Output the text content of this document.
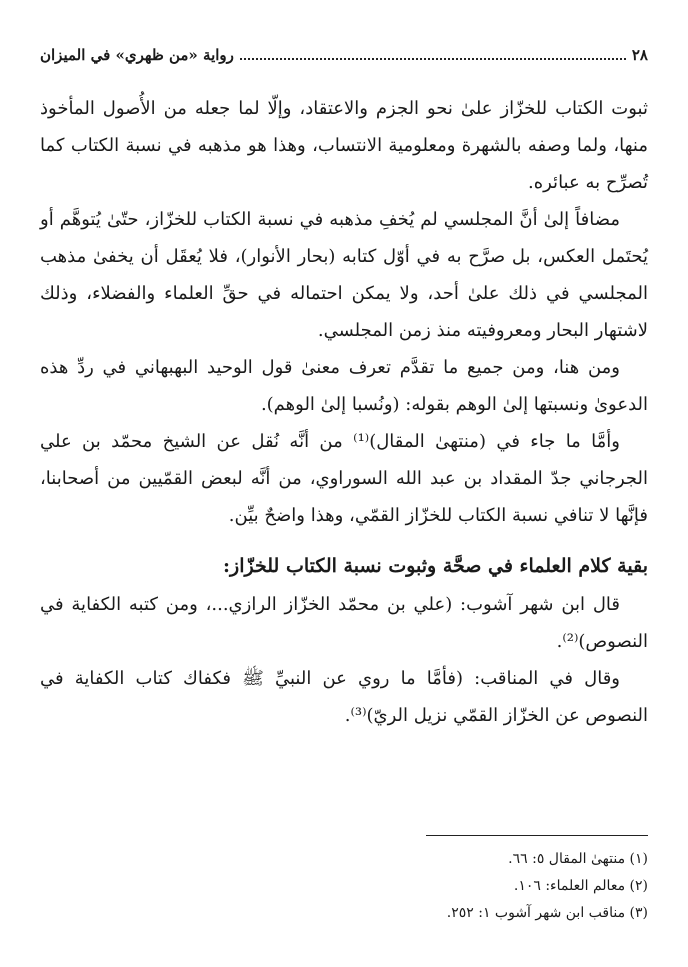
٢٨
رواية «من ظهري» في الميزان

ثبوت الكتاب للخزّاز علىٰ نحو الجزم والاعتقاد، وإلّا لما جعله من الأُصول المأخوذ منها، ولما وصفه بالشهرة ومعلومية الانتساب، وهذا هو مذهبه في نسبة الكتاب كما تُصرِّح به عبائره.

مضافاً إلىٰ أنَّ المجلسي لم يُخفِ مذهبه في نسبة الكتاب للخزّاز، حتّىٰ يُتوهَّم أو يُحتَمل العكس، بل صرَّح به في أوّل كتابه (بحار الأنوار)، فلا يُعقَل أن يخفىٰ مذهب المجلسي في ذلك علىٰ أحد، ولا يمكن احتماله في حقِّ العلماء والفضلاء، وذلك لاشتهار البحار ومعروفيته منذ زمن المجلسي.

ومن هنا، ومن جميع ما تقدَّم تعرف معنىٰ قول الوحيد البهبهاني في ردِّ هذه الدعوىٰ ونسبتها إلىٰ الوهم بقوله: (ونُسبا إلىٰ الوهم).

وأمَّا ما جاء في (منتهىٰ المقال)⁽¹⁾ من أنَّه نُقل عن الشيخ محمّد بن علي الجرجاني جدّ المقداد بن عبد الله السوراوي، من أنَّه لبعض القمّيين من أصحابنا، فإنَّها لا تنافي نسبة الكتاب للخزّاز القمّي، وهذا واضحٌ بيِّن.

بقية كلام العلماء في صحَّة وثبوت نسبة الكتاب للخزّاز:

قال ابن شهر آشوب: (علي بن محمّد الخزّاز الرازي...، ومن كتبه الكفاية في النصوص)⁽²⁾.

وقال في المناقب: (فأمَّا ما روي عن النبيِّ ﷺ فكفاك كتاب الكفاية في النصوص عن الخزّاز القمّي نزيل الريّ)⁽³⁾.

(١) منتهىٰ المقال ٥: ٦٦.

(٢) معالم العلماء: ١٠٦.

(٣) مناقب ابن شهر آشوب ١: ٢٥٢.
